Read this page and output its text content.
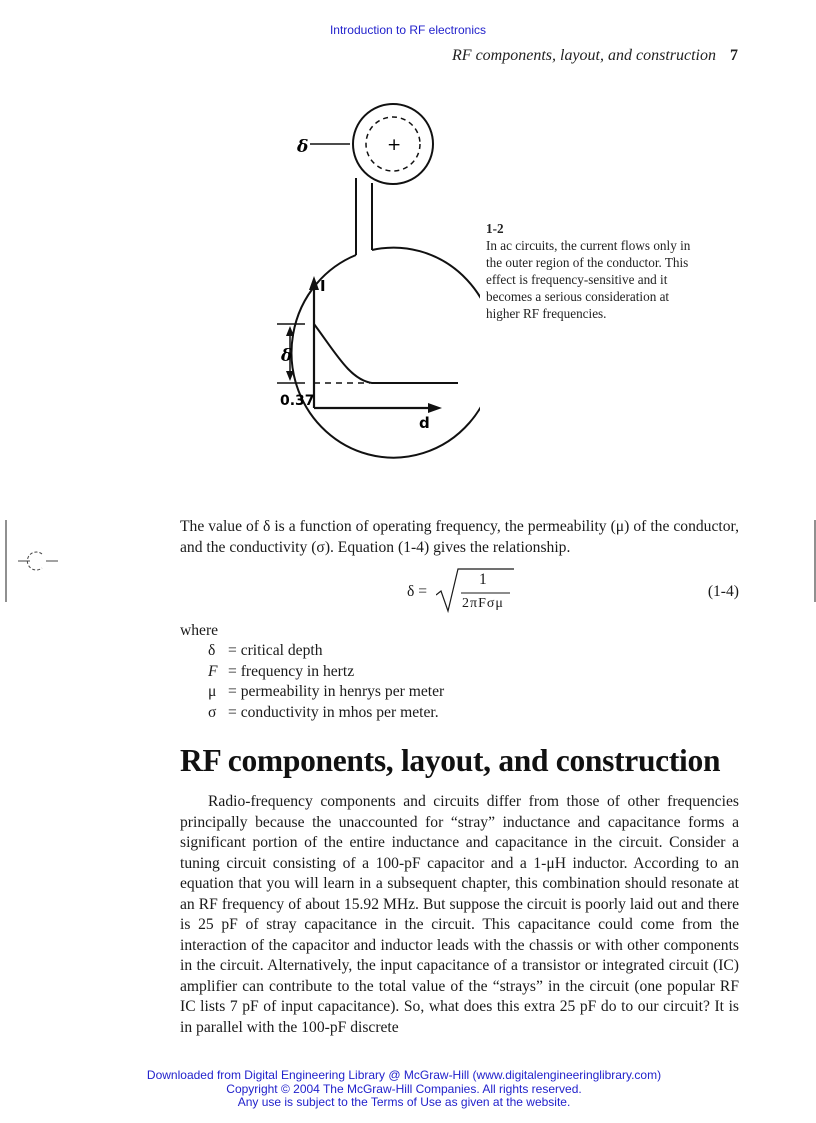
Introduction to RF electronics
RF components, layout, and construction 7
δ	+
I
δ
0.37
d
1-2
In ac circuits, the current flows only in the outer region of the conductor. This effect is frequency-sensitive and it becomes a serious consideration at higher RF frequencies.
The value of δ is a function of operating frequency, the permeability (μ) of the conductor, and the conductivity (σ). Equation (1-4) gives the relationship.
δ =
1
2πFσμ
(1-4)
where
δ = critical depth
F = frequency in hertz
μ = permeability in henrys per meter
σ = conductivity in mhos per meter.
RF components, layout, and construction
Radio-frequency components and circuits differ from those of other frequencies principally because the unaccounted for “stray” inductance and capacitance forms a significant portion of the entire inductance and capacitance in the circuit. Consider a tuning circuit consisting of a 100-pF capacitor and a 1-μH inductor. According to an equation that you will learn in a subsequent chapter, this combination should resonate at an RF frequency of about 15.92 MHz. But suppose the circuit is poorly laid out and there is 25 pF of stray capacitance in the circuit. This capacitance could come from the interaction of the capacitor and inductor leads with the chassis or with other components in the circuit. Alternatively, the input capacitance of a transistor or integrated circuit (IC) amplifier can contribute to the total value of the “strays” in the circuit (one popular RF IC lists 7 pF of input capacitance). So, what does this extra 25 pF do to our circuit? It is in parallel with the 100-pF discrete
Downloaded from Digital Engineering Library @ McGraw-Hill (www.digitalengineeringlibrary.com)
Copyright © 2004 The McGraw-Hill Companies. All rights reserved.
Any use is subject to the Terms of Use as given at the website.
